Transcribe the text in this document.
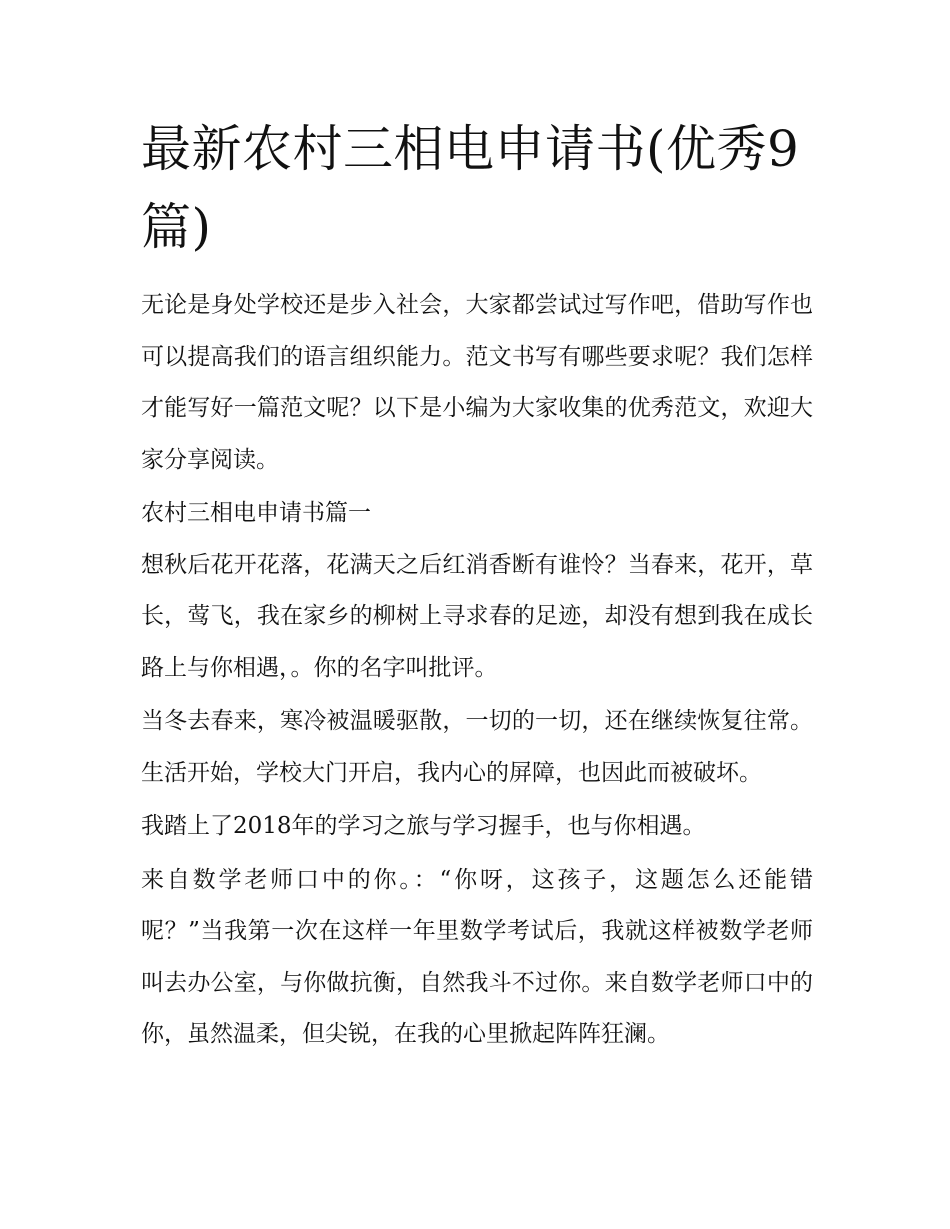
最新农村三相电申请书(优秀9篇)

无论是身处学校还是步入社会，大家都尝试过写作吧，借助写作也可以提高我们的语言组织能力。范文书写有哪些要求呢？我们怎样才能写好一篇范文呢？以下是小编为大家收集的优秀范文，欢迎大家分享阅读。

农村三相电申请书篇一

想秋后花开花落，花满天之后红消香断有谁怜？当春来，花开，草长，莺飞，我在家乡的柳树上寻求春的足迹，却没有想到我在成长路上与你相遇，。你的名字叫批评。

当冬去春来，寒冷被温暖驱散，一切的一切，还在继续恢复往常。生活开始，学校大门开启，我内心的屏障，也因此而被破坏。

我踏上了2018年的学习之旅与学习握手，也与你相遇。

来自数学老师口中的你。：“你呀，这孩子，这题怎么还能错呢？”当我第一次在这样一年里数学考试后，我就这样被数学老师叫去办公室，与你做抗衡，自然我斗不过你。来自数学老师口中的你，虽然温柔，但尖锐，在我的心里掀起阵阵狂澜。
